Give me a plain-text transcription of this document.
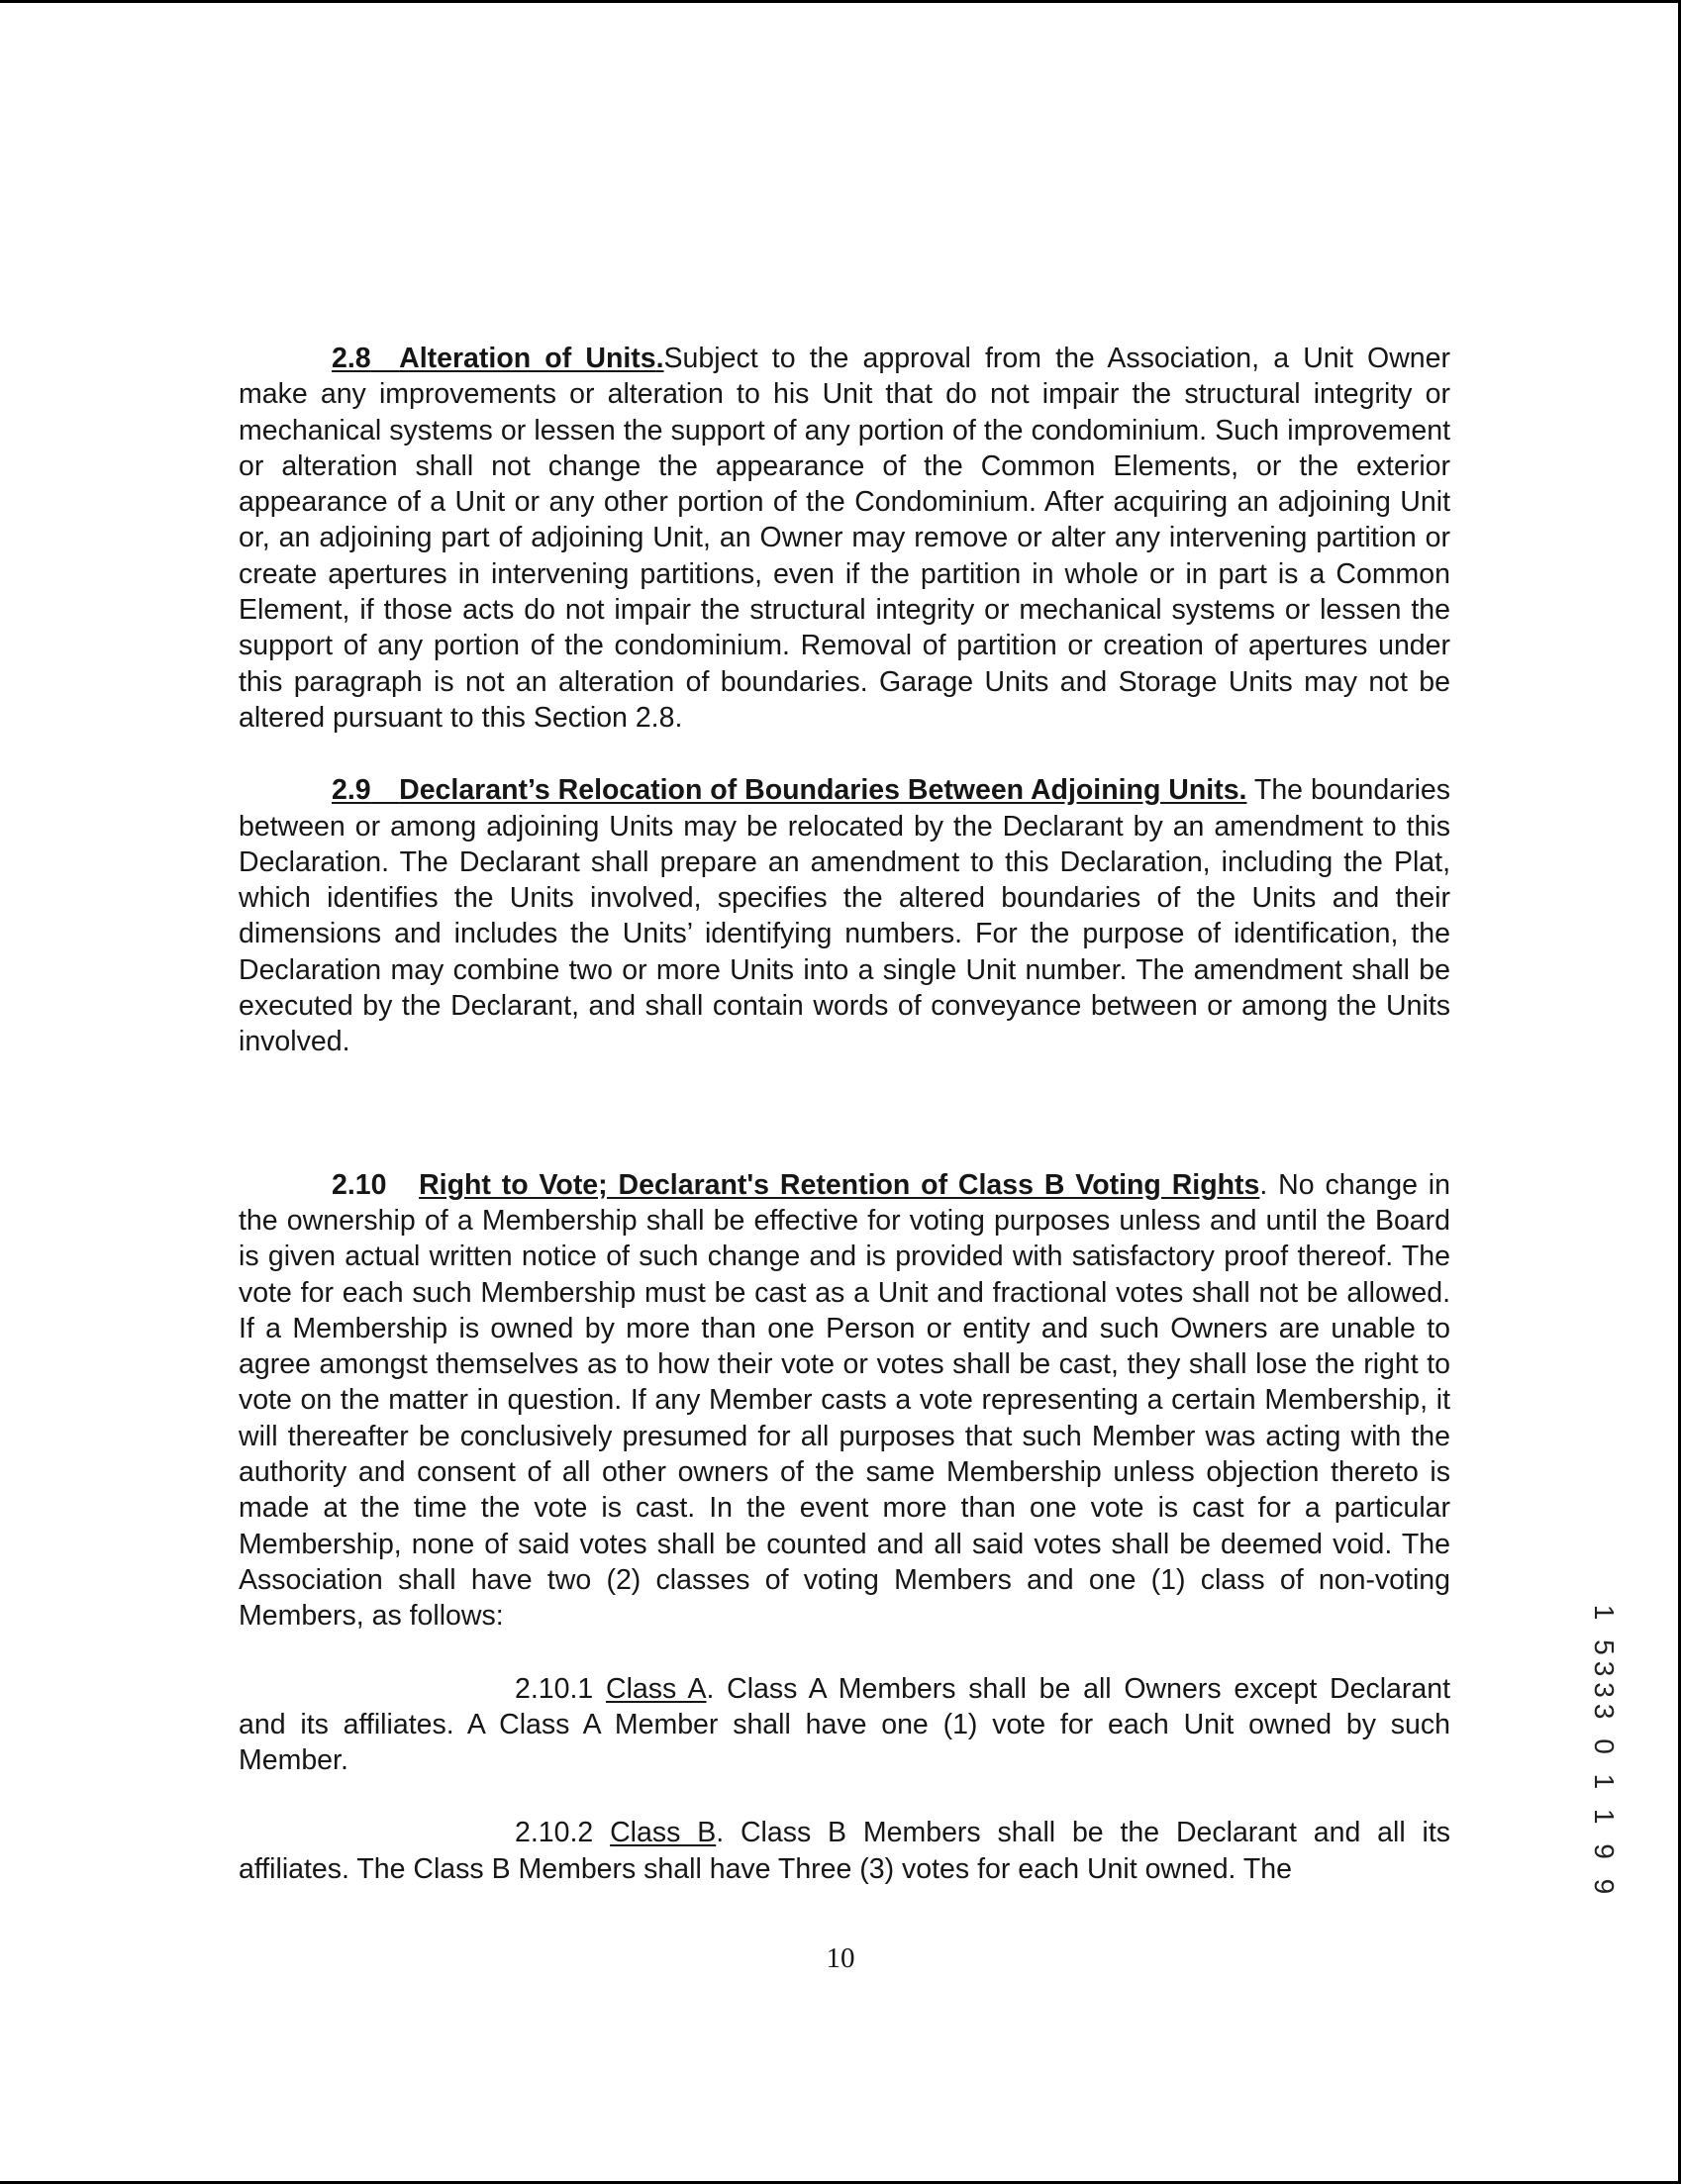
2.8  Alteration of Units.Subject to the approval from the Association, a Unit Owner make any improvements or alteration to his Unit that do not impair the structural integrity or mechanical systems or lessen the support of any portion of the condominium. Such improvement or alteration shall not change the appearance of the Common Elements, or the exterior appearance of a Unit or any other portion of the Condominium. After acquiring an adjoining Unit or, an adjoining part of adjoining Unit, an Owner may remove or alter any intervening partition or create apertures in intervening partitions, even if the partition in whole or in part is a Common Element, if those acts do not impair the structural integrity or mechanical systems or lessen the support of any portion of the condominium. Removal of partition or creation of apertures under this paragraph is not an alteration of boundaries. Garage Units and Storage Units may not be altered pursuant to this Section 2.8.

2.9  Declarant’s Relocation of Boundaries Between Adjoining Units. The boundaries between or among adjoining Units may be relocated by the Declarant by an amendment to this Declaration. The Declarant shall prepare an amendment to this Declaration, including the Plat, which identifies the Units involved, specifies the altered boundaries of the Units and their dimensions and includes the Units’ identifying numbers. For the purpose of identification, the Declaration may combine two or more Units into a single Unit number. The amendment shall be executed by the Declarant, and shall contain words of conveyance between or among the Units involved.

2.10 Right to Vote; Declarant's Retention of Class B Voting Rights. No change in the ownership of a Membership shall be effective for voting purposes unless and until the Board is given actual written notice of such change and is provided with satisfactory proof thereof. The vote for each such Membership must be cast as a Unit and fractional votes shall not be allowed. If a Membership is owned by more than one Person or entity and such Owners are unable to agree amongst themselves as to how their vote or votes shall be cast, they shall lose the right to vote on the matter in question. If any Member casts a vote representing a certain Membership, it will thereafter be conclusively presumed for all purposes that such Member was acting with the authority and consent of all other owners of the same Membership unless objection thereto is made at the time the vote is cast. In the event more than one vote is cast for a particular Membership, none of said votes shall be counted and all said votes shall be deemed void. The Association shall have two (2) classes of voting Members and one (1) class of non-voting Members, as follows:

2.10.1 Class A. Class A Members shall be all Owners except Declarant and its affiliates. A Class A Member shall have one (1) vote for each Unit owned by such Member.

2.10.2 Class B. Class B Members shall be the Declarant and all its affiliates. The Class B Members shall have Three (3) votes for each Unit owned. The

10
1 5333 0 1 1 9 9
